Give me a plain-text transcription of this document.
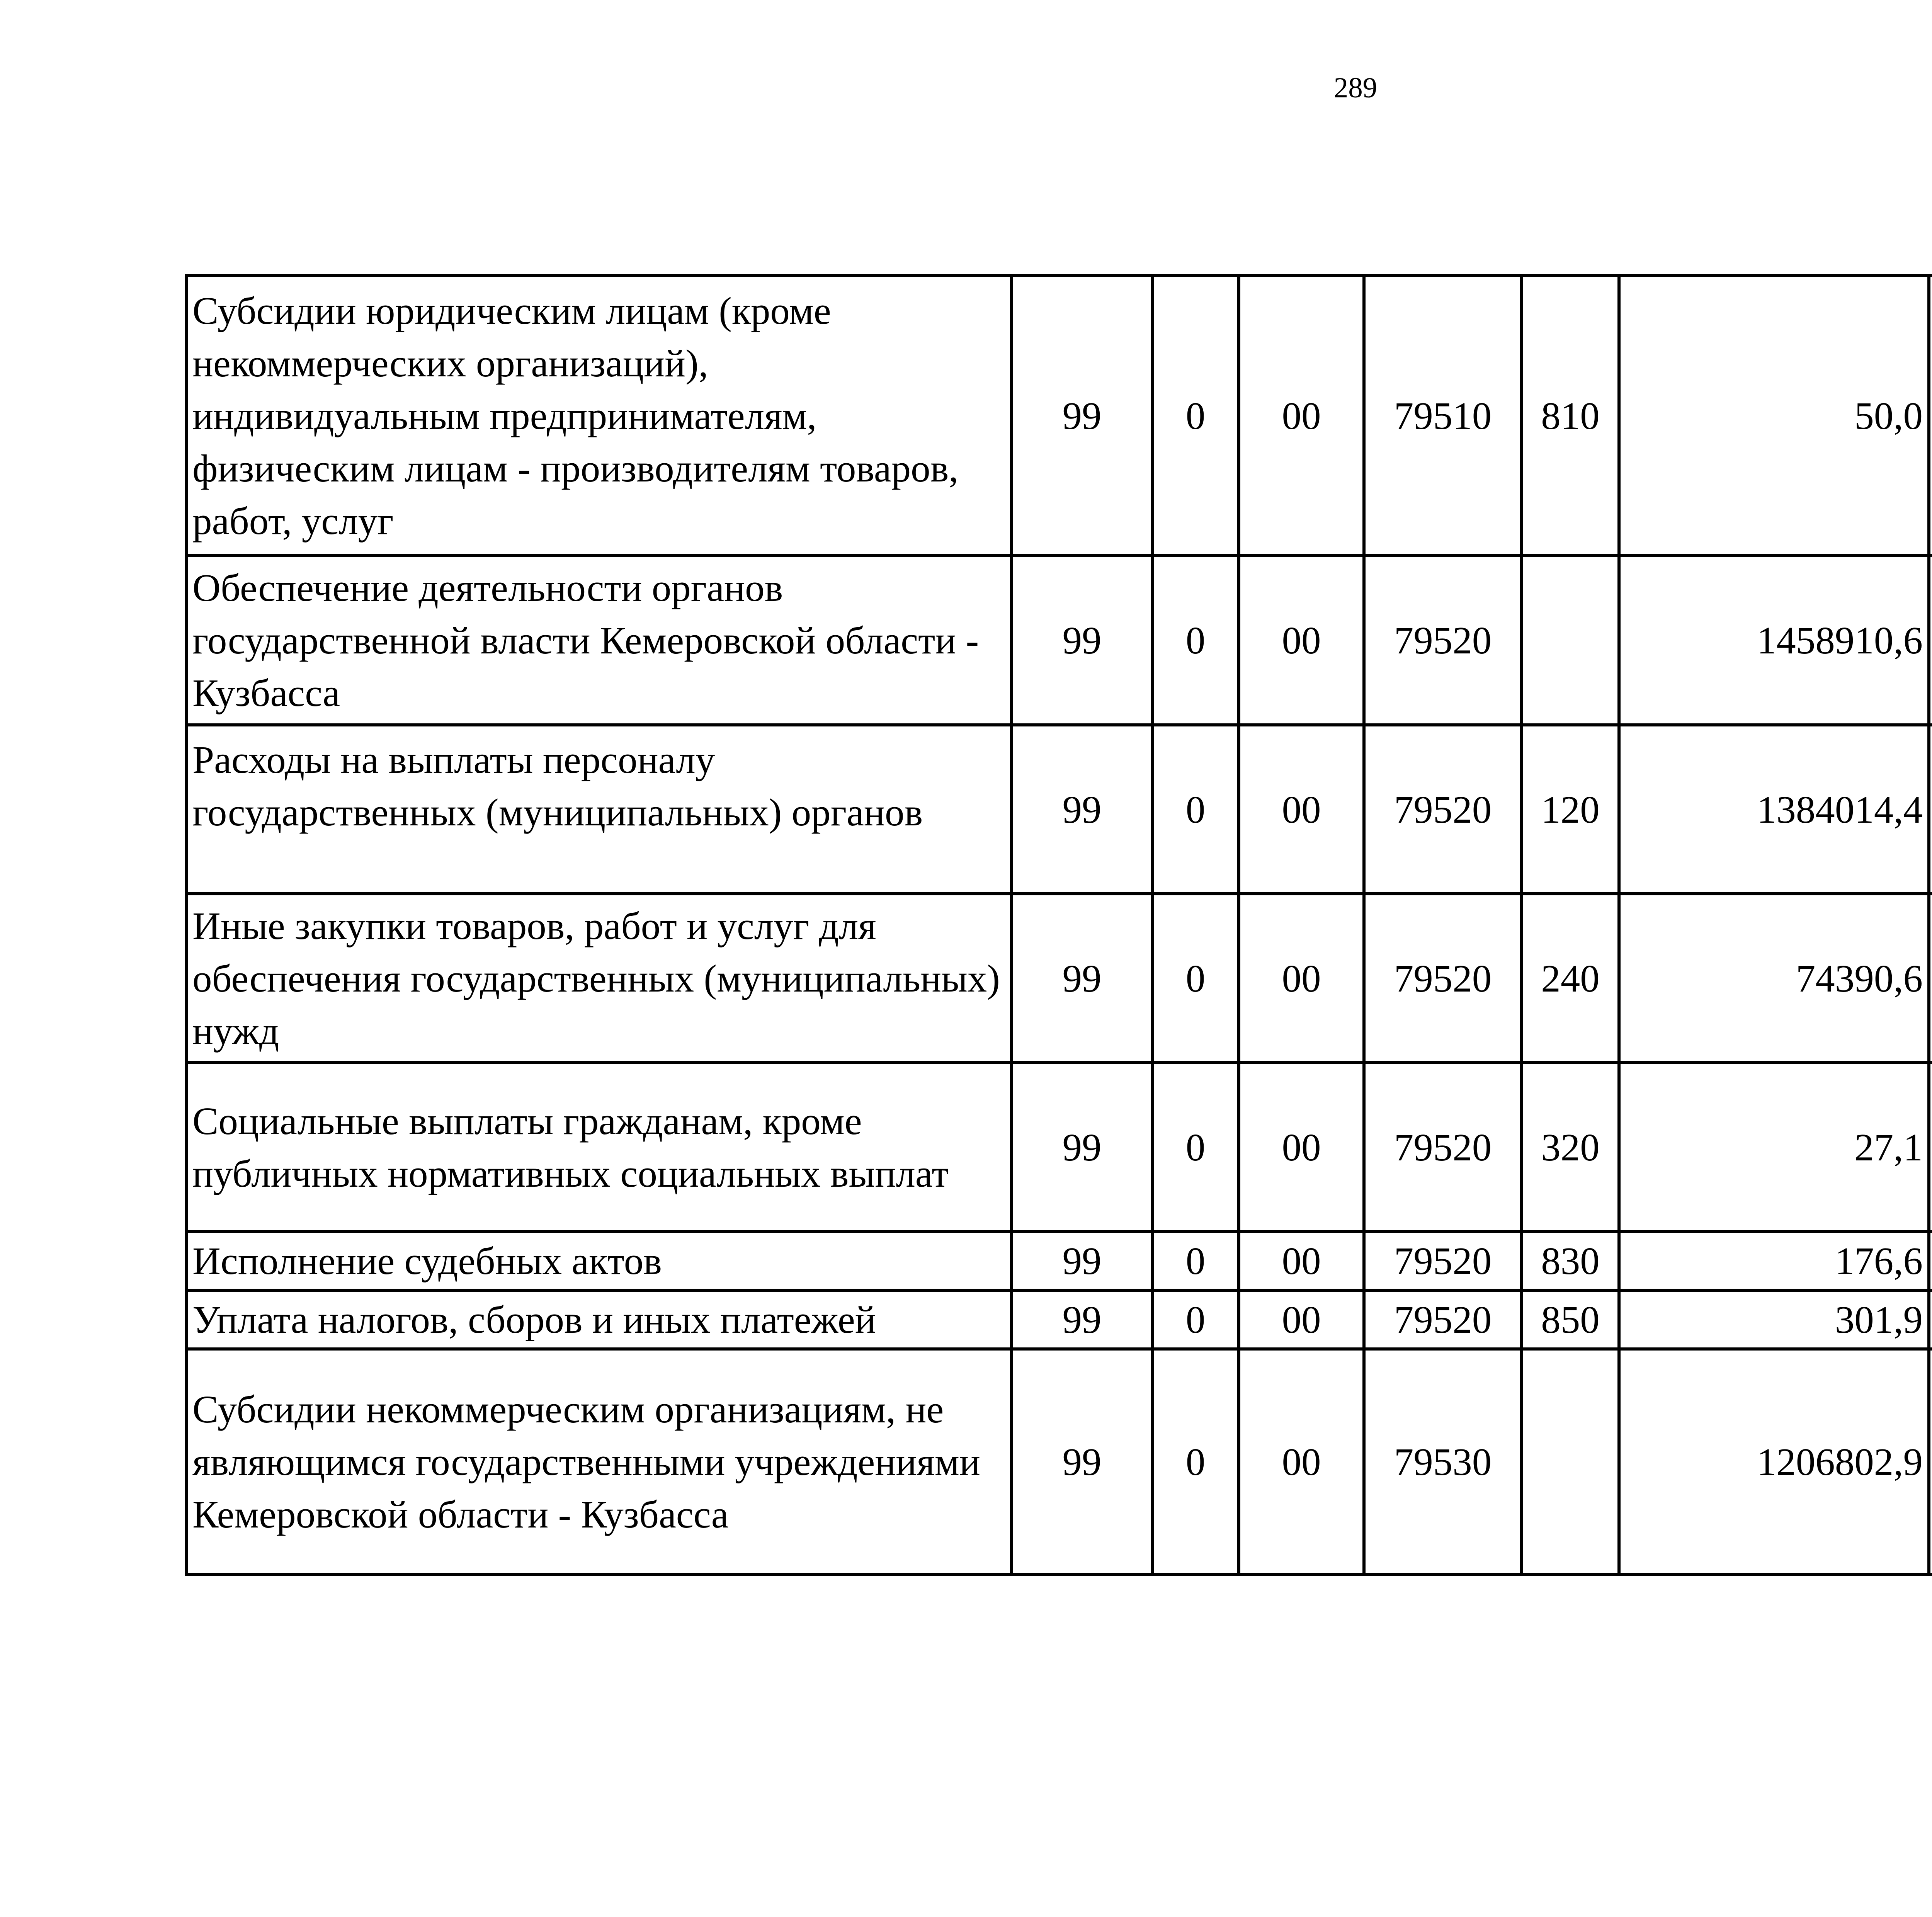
289
Субсидии юридическим лицам (кроме некоммерческих организаций), индивидуальным предпринимателям, физическим лицам - производителям товаров, работ, услуг	99	0	00	79510	810	50,0		
Обеспечение деятельности органов государственной власти Кемеровской области - Кузбасса	99	0	00	79520		1458910,6		
Расходы на выплаты персоналу государственных (муниципальных) органов	99	0	00	79520	120	1384014,4		
Иные закупки товаров, работ и услуг для обеспечения государственных (муниципальных) нужд	99	0	00	79520	240	74390,6		
Социальные выплаты гражданам, кроме публичных нормативных социальных выплат	99	0	00	79520	320	27,1		
Исполнение судебных актов	99	0	00	79520	830	176,6		
Уплата налогов, сборов и иных платежей	99	0	00	79520	850	301,9		
Субсидии некоммерческим организациям, не являющимся государственными учреждениями Кемеровской области - Кузбасса	99	0	00	79530		1206802,9		
